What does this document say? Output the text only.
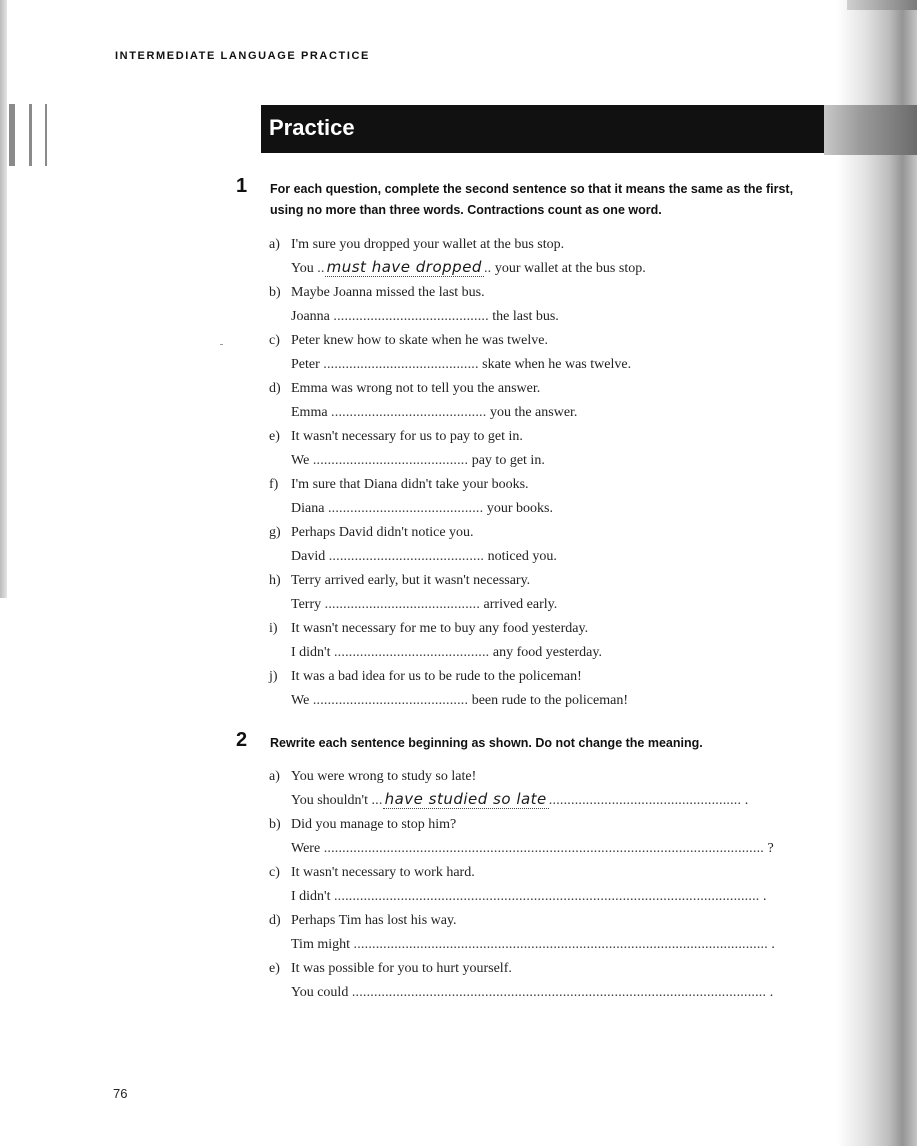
INTERMEDIATE LANGUAGE PRACTICE

Practice

1 For each question, complete the second sentence so that it means the same as the first, using no more than three words. Contractions count as one word.

a) I'm sure you dropped your wallet at the bus stop.
You .. must have dropped .. your wallet at the bus stop.
b) Maybe Joanna missed the last bus.
Joanna .......................................... the last bus.
c) Peter knew how to skate when he was twelve.
Peter .......................................... skate when he was twelve.
d) Emma was wrong not to tell you the answer.
Emma .......................................... you the answer.
e) It wasn't necessary for us to pay to get in.
We .......................................... pay to get in.
f) I'm sure that Diana didn't take your books.
Diana .......................................... your books.
g) Perhaps David didn't notice you.
David .......................................... noticed you.
h) Terry arrived early, but it wasn't necessary.
Terry .......................................... arrived early.
i) It wasn't necessary for me to buy any food yesterday.
I didn't .......................................... any food yesterday.
j) It was a bad idea for us to be rude to the policeman!
We .......................................... been rude to the policeman!
2 Rewrite each sentence beginning as shown. Do not change the meaning.

a) You were wrong to study so late!
You shouldn't ... have studied so late .................................................... .
b) Did you manage to stop him?
Were ....................................................................................................................... ?
c) It wasn't necessary to work hard.
I didn't ................................................................................................................... .
d) Perhaps Tim has lost his way.
Tim might ................................................................................................................ .
e) It was possible for you to hurt yourself.
You could ................................................................................................................ .

76
